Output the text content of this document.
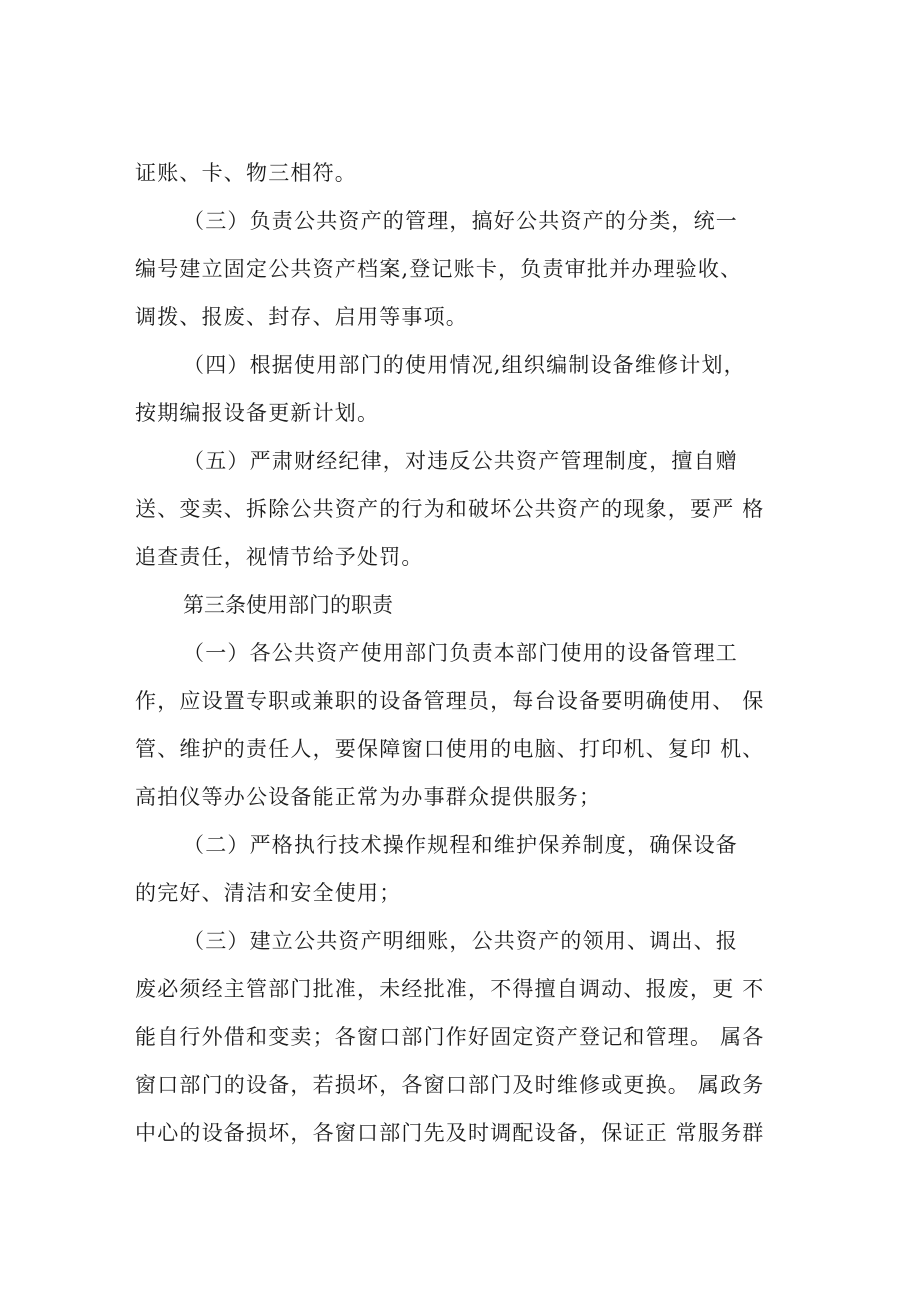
证账、卡、物三相符。
（三）负责公共资产的管理，搞好公共资产的分类，统一
编号建立固定公共资产档案,登记账卡，负责审批并办理验收、
调拨、报废、封存、启用等事项。
（四）根据使用部门的使用情况,组织编制设备维修计划，
按期编报设备更新计划。
（五）严肃财经纪律，对违反公共资产管理制度，擅自赠
送、变卖、拆除公共资产的行为和破坏公共资产的现象，要严 格
追查责任，视情节给予处罚。
第三条使用部门的职责
（一）各公共资产使用部门负责本部门使用的设备管理工
作，应设置专职或兼职的设备管理员，每台设备要明确使用、 保
管、维护的责任人，要保障窗口使用的电脑、打印机、复印 机、
高拍仪等办公设备能正常为办事群众提供服务；
（二）严格执行技术操作规程和维护保养制度，确保设备
的完好、清洁和安全使用；
（三）建立公共资产明细账，公共资产的领用、调出、报
废必须经主管部门批准，未经批准，不得擅自调动、报废，更 不
能自行外借和变卖；各窗口部门作好固定资产登记和管理。 属各
窗口部门的设备，若损坏，各窗口部门及时维修或更换。 属政务
中心的设备损坏，各窗口部门先及时调配设备，保证正 常服务群
